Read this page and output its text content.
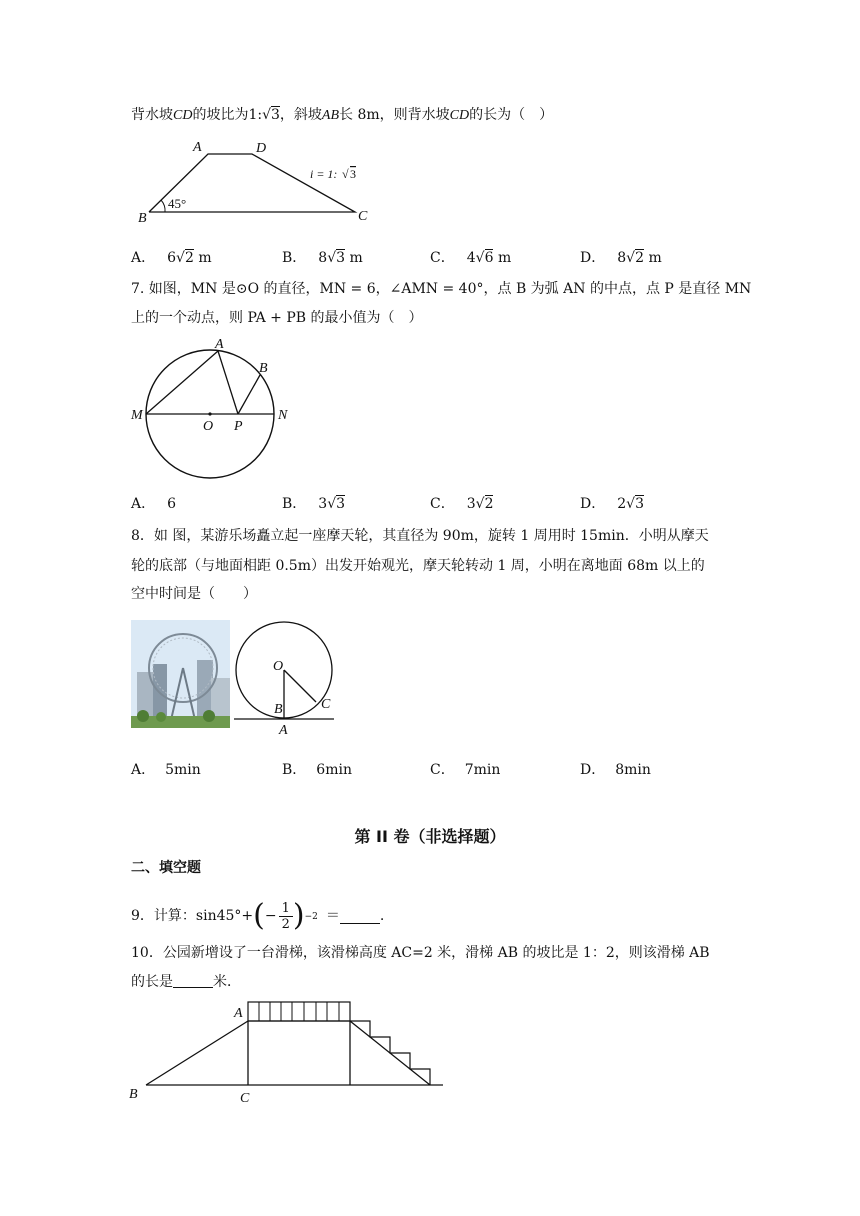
背水坡CD的坡比为1:√3，斜坡AB长 8m，则背水坡CD的长为（　）
A	D
B	C
45°
i = 1: √ 3
A． 6√2 m	B． 8√3 m	C． 4√6 m	D． 8√2 m
7. 如图，MN 是⊙O 的直径，MN = 6，∠AMN = 40°，点 B 为弧 AN 的中点，点 P 是直径 MN
上的一个动点，则 PA + PB 的最小值为（　）
A
B
M	N
O P
A． 6	B． 3√3	C． 3√2	D． 2√3
8．如 图，某游乐场矗立起一座摩天轮，其直径为 90m，旋转 1 周用时 15min．小明从摩天
轮的底部（与地面相距 0.5m）出发开始观光，摩天轮转动 1 周，小明在离地面 68m 以上的
空中时间是（　　）
O
B	C
A
A． 5min	B． 6min	C． 7min	D． 8min
第 II 卷（非选择题）
二、填空题
9．计算：sin45°+ ( − $\frac{1}{2}$ ) −2 ＝	.
10．公园新增设了一台滑梯，该滑梯高度 AC=2 米，滑梯 AB 的坡比是 1：2，则该滑梯 AB
的长是	米．
A
B	C
